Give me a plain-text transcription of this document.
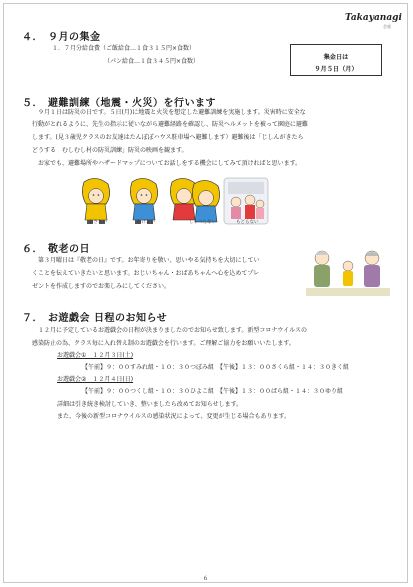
Takayanagi
会報
４． ９月の集金
１．７月分給食費（ご飯給食…１食３１５円×食数）
（パン給食…１食３４５円×食数）
集金日は
９月５日（月）
５． 避難訓練（地震・火災）を行います
　９月１日は防災の日です。５日(月)に地震と火災を想定した避難訓練を実施します。災害時に安全な
行動がとれるように、先生の指示に従いながら避難経路を確認し、防災ヘルメットを被って園庭に避難
します。(見３歳児クラスのお友達はたんぽぽハウス駐車場へ避難します）避難後は「じしんがきたら
どうする　むしむし村の防災訓練」防災の映画を観ます。
　お家でも、避難場所やハザードマップについてお話しをする機会にしてみて頂ければと思います。
おさない	かけない	しゃべらない	もどらない
６． 敬老の日
　第３月曜日は『敬老の日』です。お年寄りを敬い、思いやる気持ちを大切にしてい
くことを伝えていきたいと思います。おじいちゃん・おばあちゃんへ心を込めてプレ
ゼントを作成しますのでお楽しみにしてください。
７． お遊戯会 日程のお知らせ
　１２月に予定しているお遊戯会の日程が決まりましたのでお知らせ致します。新型コロナウイルスの
感染防止の為、クラス毎に入れ替え制のお遊戯会を行います。ご理解ご協力をお願いいたします。
お遊戯会①　１２月３日(土)
【午前】９：００すみれ組・１０：３０つぼみ組　【午後】１３：００さくら組・１４：３０きく組
お遊戯会②　１２月４日(日)
【午前】９：００つくし組・１０：３０ひよこ組　【午後】１３：００ばら組・１４：３０ゆり組
詳細は引き続き検討していき、整いましたら改めてお知らせします。
また、今後の新型コロナウイルスの感染状況によって、変更が生じる場合もあります。
６
